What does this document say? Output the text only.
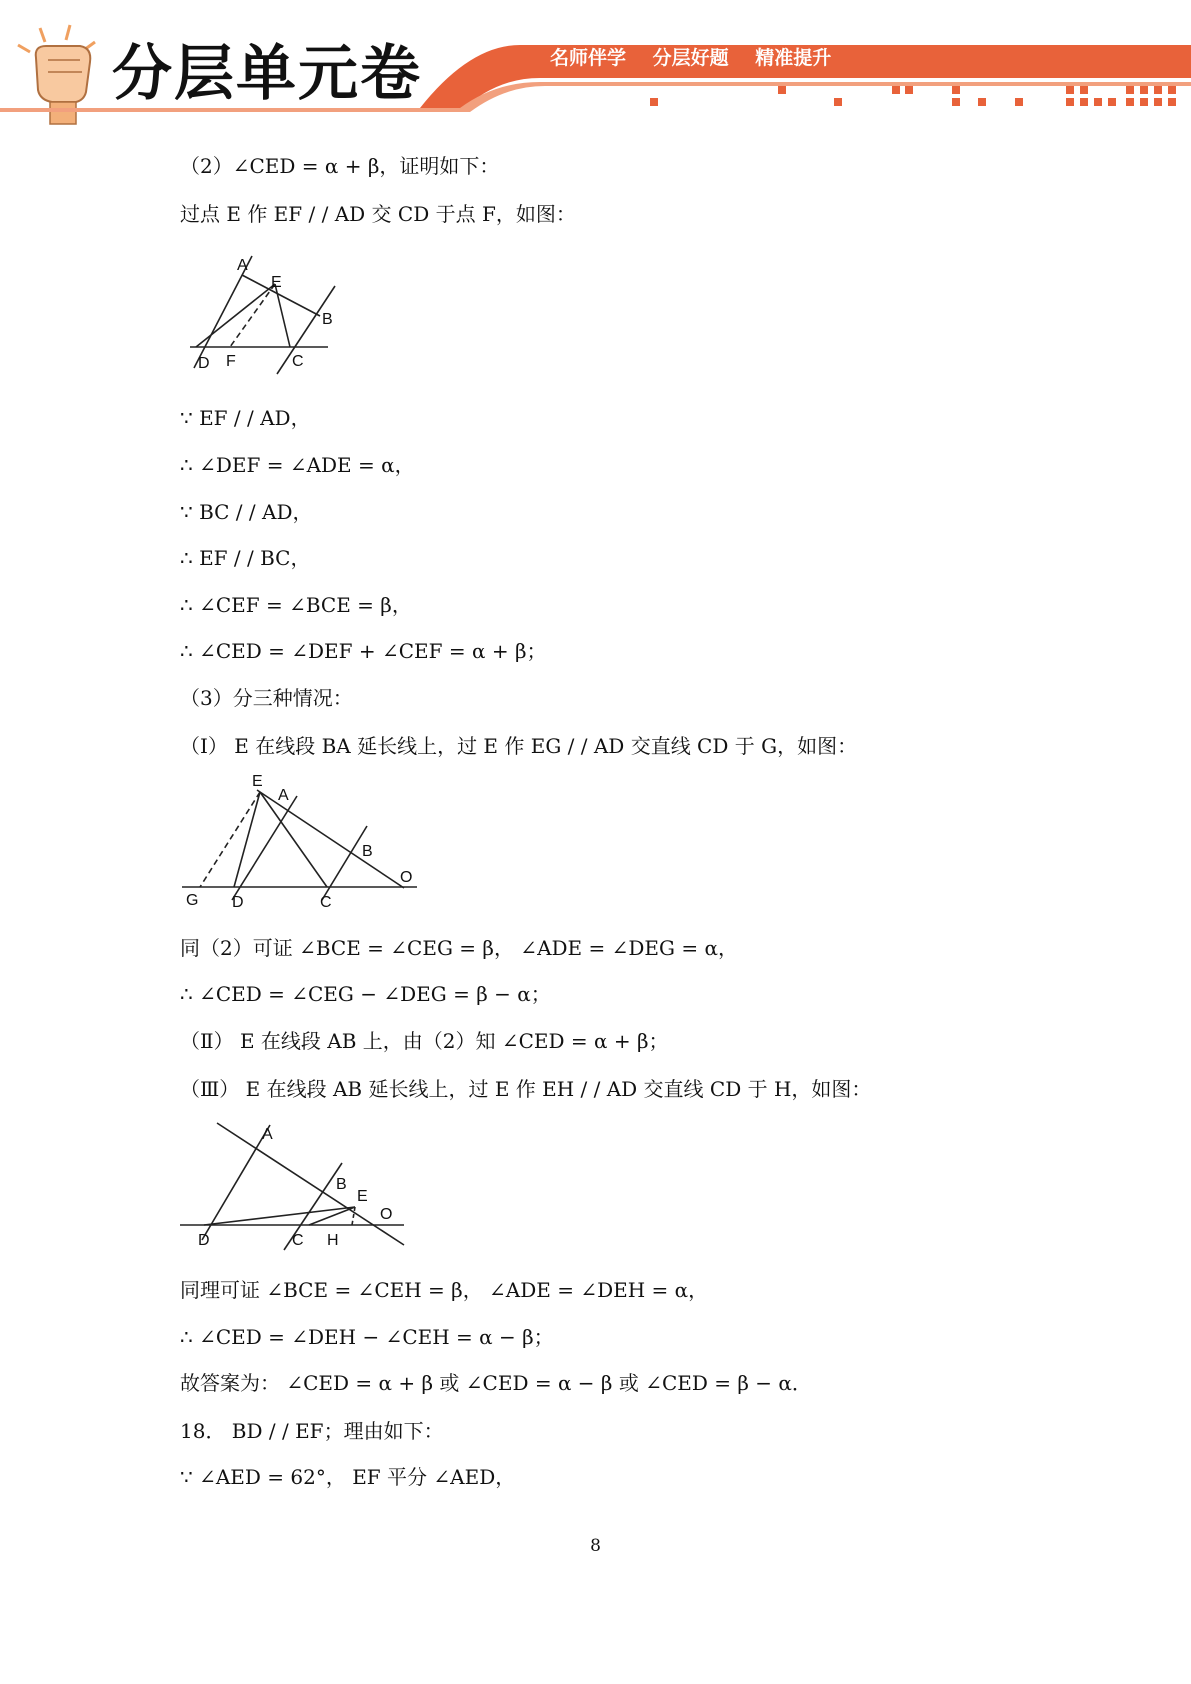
分层单元卷	名师伴学 分层好题 精准提升
（2）∠CED = α + β，证明如下：
过点 E 作 EF / / AD 交 CD 于点 F，如图：
A
E
B
D F	C
∵ EF / / AD，
∴ ∠DEF = ∠ADE = α，
∵ BC / / AD，
∴ EF / / BC，
∴ ∠CEF = ∠BCE = β，
∴ ∠CED = ∠DEF + ∠CEF = α + β；
（3）分三种情况：
（Ⅰ） E 在线段 BA 延长线上，过 E 作 EG / / AD 交直线 CD 于 G，如图：
E
A
B
O
G D	C
同（2）可证 ∠BCE = ∠CEG = β， ∠ADE = ∠DEG = α，
∴ ∠CED = ∠CEG − ∠DEG = β − α；
（Ⅱ） E 在线段 AB 上，由（2）知 ∠CED = α + β；
（Ⅲ） E 在线段 AB 延长线上，过 E 作 EH / / AD 交直线 CD 于 H，如图：
A
B
E
O
D	C H
同理可证 ∠BCE = ∠CEH = β， ∠ADE = ∠DEH = α，
∴ ∠CED = ∠DEH − ∠CEH = α − β；
故答案为： ∠CED = α + β 或 ∠CED = α − β 或 ∠CED = β − α．
18． BD / / EF；理由如下：
∵ ∠AED = 62°， EF 平分 ∠AED，
8
